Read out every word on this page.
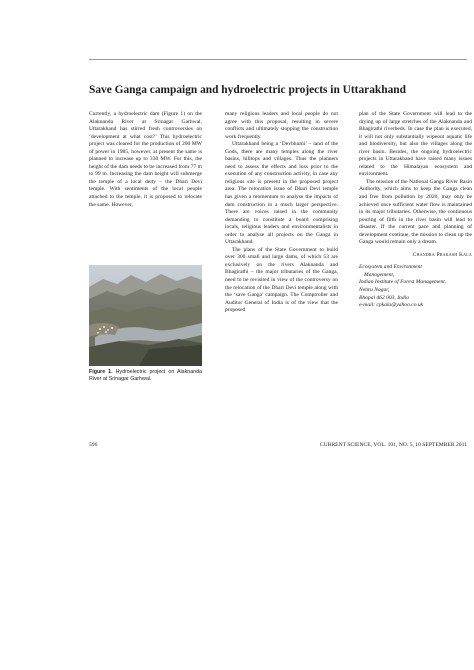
Save Ganga campaign and hydroelectric projects in Uttarakhand

Currently, a hydroelectric dam (Figure 1) on the Alaknanda River at Srinagar Garhwal, Uttarakhand has stirred fresh controversies on ‘development at what cost?’ This hydroelectric project was cleared for the production of 200 MW of power in 1985, however, at present the same is planned to increase up to 330 MW. For this, the height of the dam needs to be increased from 77 m to 99 m. Increasing the dam height will submerge the temple of a local deity – the Dhari Devi temple. With sentiments of the local people attached to the temple, it is proposed to relocate the same. However,

Figure 1. Hydroelectric project on Alaknanda River at Srinagar Garhwal.

many religious leaders and local people do not agree with this proposal, resulting in severe conflicts and ultimately stopping the construction work frequently.

Uttarakhand being a ‘Devbhumi’ – land of the Gods, there are many temples along the river basins, hilltops and villages. Thus the planners need to assess the effects and loss prior to the execution of any construction activity, in case any religious site is present in the proposed project area. The relocation issue of Dhari Devi temple has given a momentum to analyse the impacts of dam construction in a much larger perspective. There are voices raised in the community demanding to constitute a board comprising locals, religious leaders and environmentalists in order to analyse all projects on the Ganga in Uttarakhand.

The plans of the State Government to build over 300 small and large dams, of which 53 are exclusively on the rivers Alaknanda and Bhagirathi – the major tributaries of the Ganga, need to be revisited in view of the controversy on the relocation of the Dhari Devi temple along with the ‘save Ganga’ campaign. The Comptroller and Auditor General of India is of the view that the proposed

plan of the State Government will lead to the drying up of large stretches of the Alaknanda and Bhagirathi riverbeds. In case the plan is executed, it will not only substantially wipeout aquatic life and biodiversity, but also the villages along the river basin. Besides, the ongoing hydroelectric projects in Uttarakhand have raised many issues related to the Himalayan ecosystem and environment.

The mission of the National Ganga River Basin Authority, which aims to keep the Ganga clean and free from pollution by 2020, may only be achieved once sufficient water flow is maintained in its major tributaries. Otherwise, the continuous pouring of filth in the river basin will lead to disaster. If the current pace and planning of development continue, the mission to clean up the Ganga would remain only a dream.

Chandra Prakash Kala
Ecosystem and Environment
Management,
Indian Institute of Forest Management,
Nehru Nagar,
Bhopal 462 003, India
e-mail: cpkala@yahoo.co.uk
596	CURRENT SCIENCE, VOL. 101, NO. 5, 10 SEPTEMBER 2011
